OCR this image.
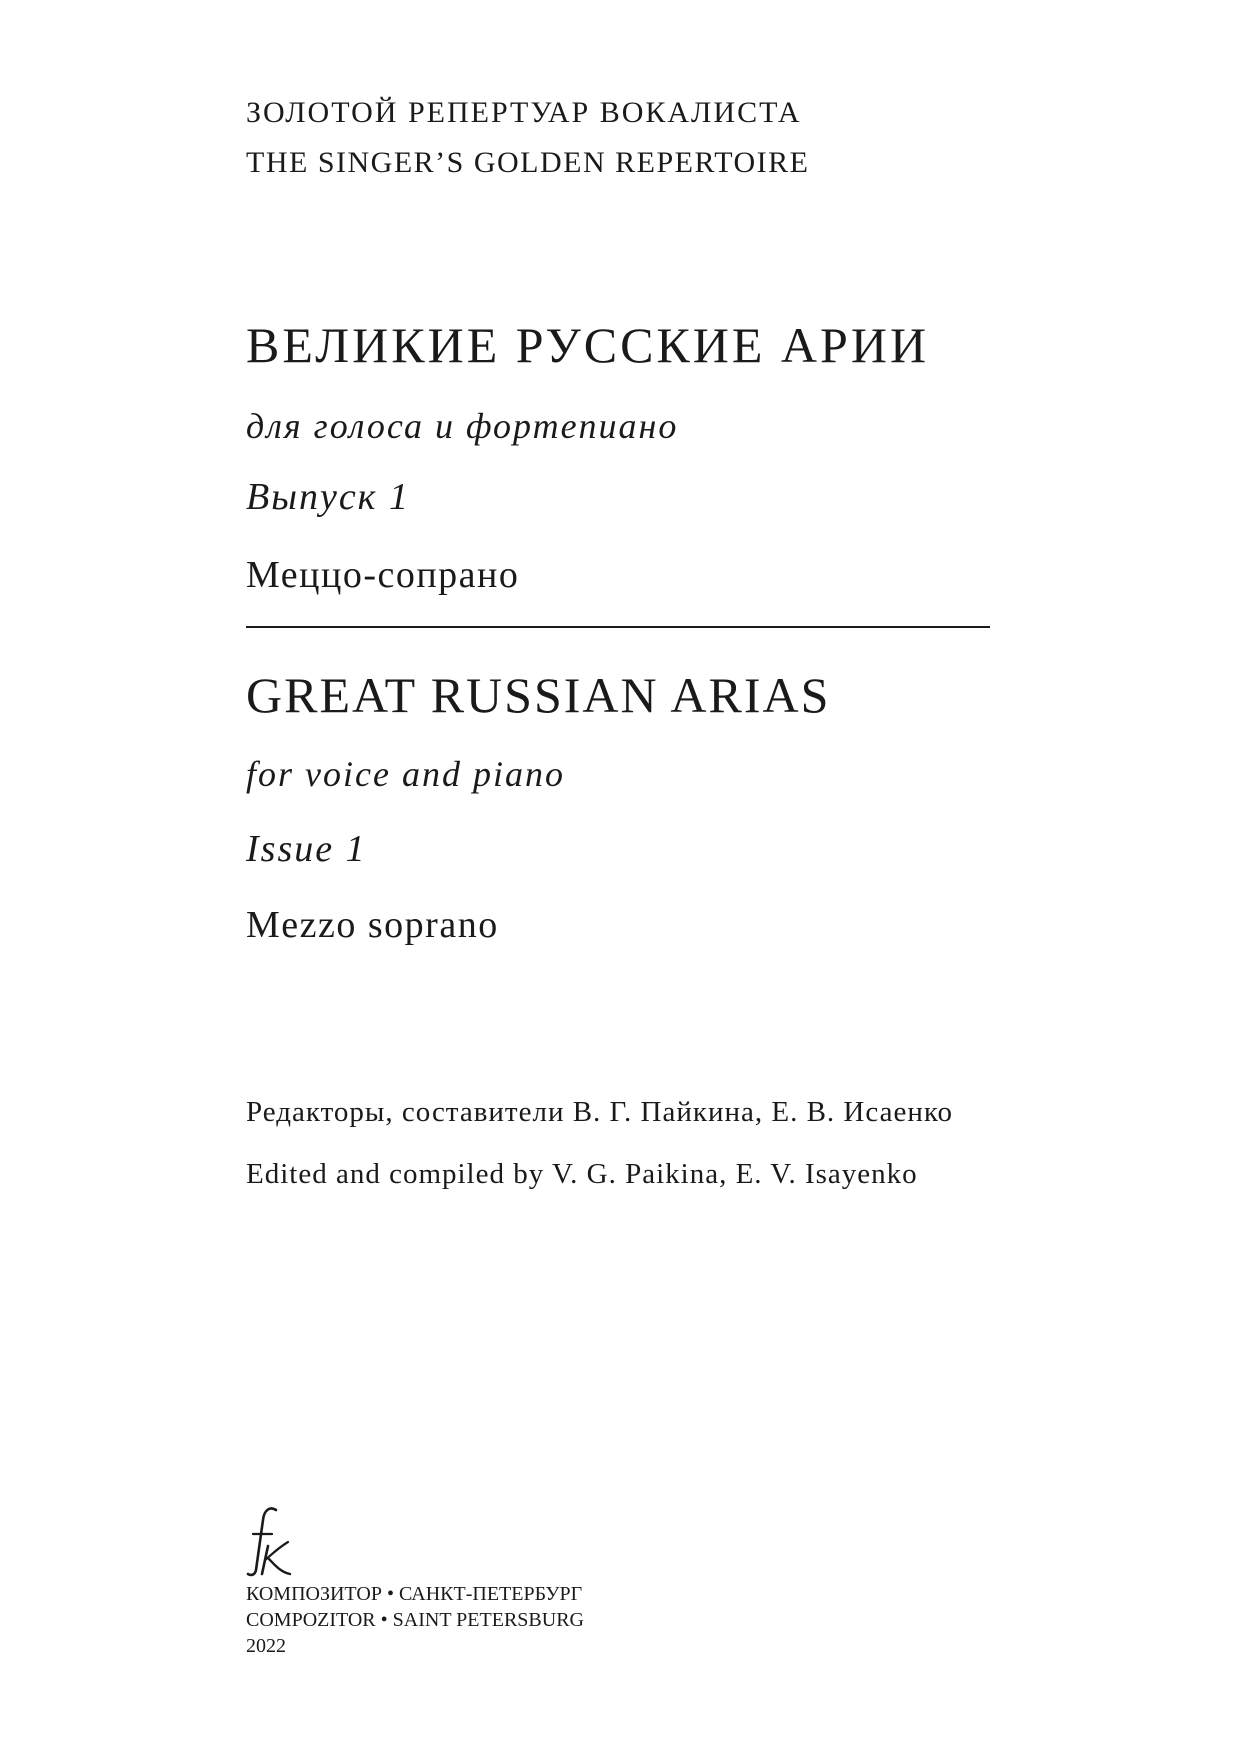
ЗОЛОТОЙ РЕПЕРТУАР ВОКАЛИСТА
THE SINGER’S GOLDEN REPERTOIRE
ВЕЛИКИЕ РУССКИЕ АРИИ
для голоса и фортепиано
Выпуск 1
Меццо-сопрано
GREAT RUSSIAN ARIAS
for voice and piano
Issue 1
Mezzo soprano
Редакторы, составители В. Г. Пайкина, Е. В. Исаенко
Edited and compiled by V. G. Paikina, E. V. Isayenko
КОМПОЗИТОР • САНКТ-ПЕТЕРБУРГ
COMPOZITOR • SAINT PETERSBURG
2022
